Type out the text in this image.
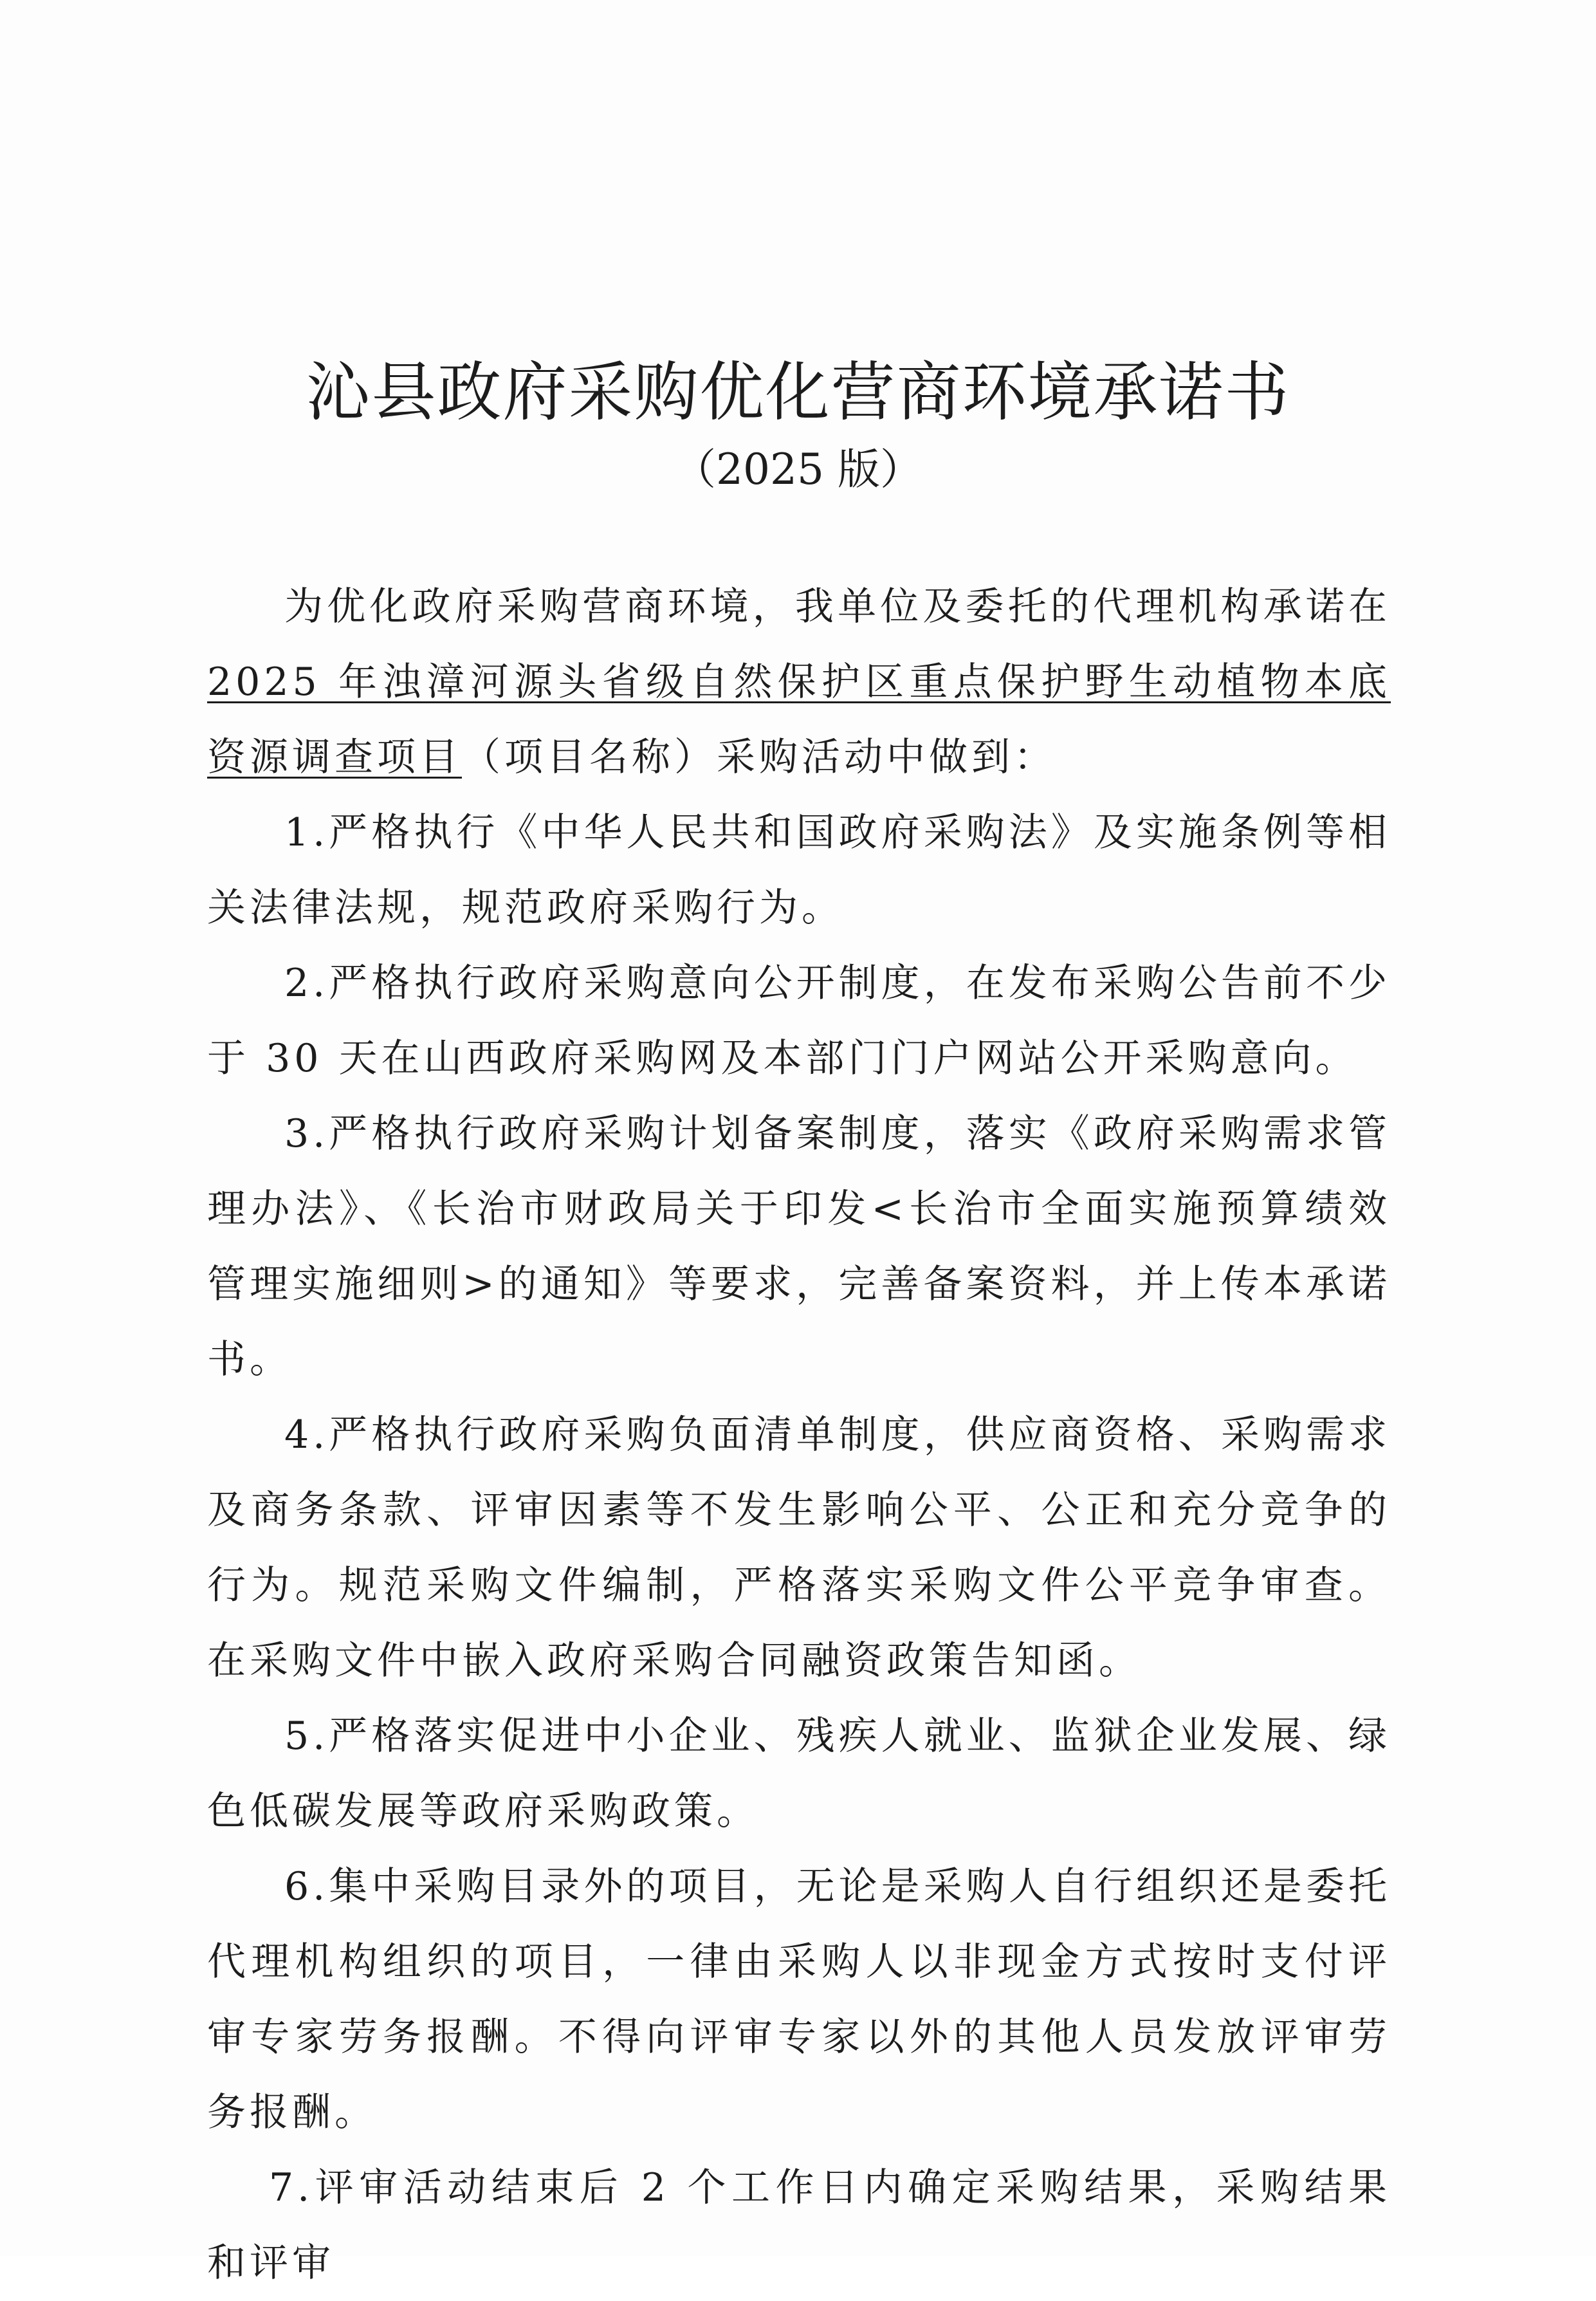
沁县政府采购优化营商环境承诺书
（2025 版）

为优化政府采购营商环境，我单位及委托的代理机构承诺在2025 年浊漳河源头省级自然保护区重点保护野生动植物本底资源调查项目（项目名称）采购活动中做到：

1.严格执行《中华人民共和国政府采购法》及实施条例等相关法律法规，规范政府采购行为。

2.严格执行政府采购意向公开制度，在发布采购公告前不少于 30 天在山西政府采购网及本部门门户网站公开采购意向。

3.严格执行政府采购计划备案制度，落实《政府采购需求管理办法》、《长治市财政局关于印发<长治市全面实施预算绩效管理实施细则>的通知》等要求，完善备案资料，并上传本承诺书。

4.严格执行政府采购负面清单制度，供应商资格、采购需求及商务条款、评审因素等不发生影响公平、公正和充分竞争的行为。规范采购文件编制，严格落实采购文件公平竞争审查。在采购文件中嵌入政府采购合同融资政策告知函。

5.严格落实促进中小企业、残疾人就业、监狱企业发展、绿色低碳发展等政府采购政策。

6.集中采购目录外的项目，无论是采购人自行组织还是委托代理机构组织的项目，一律由采购人以非现金方式按时支付评审专家劳务报酬。不得向评审专家以外的其他人员发放评审劳务报酬。

7.评审活动结束后 2 个工作日内确定采购结果，采购结果和评审
